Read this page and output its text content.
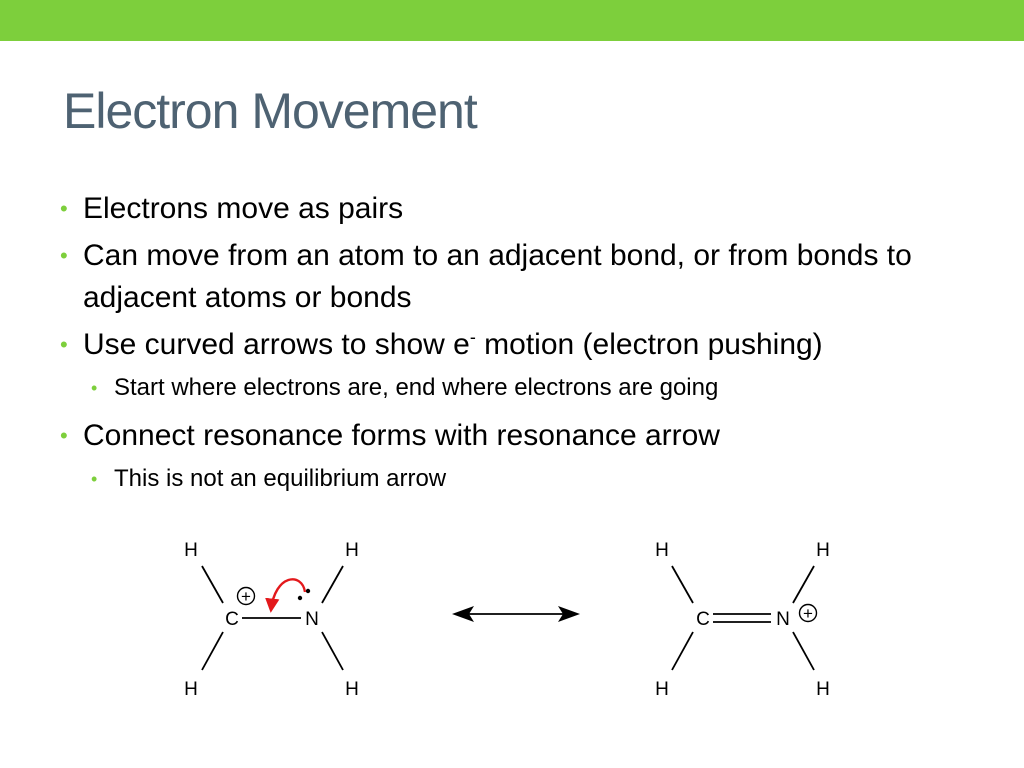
Electron Movement
• Electrons move as pairs
• Can move from an atom to an adjacent bond, or from bonds to adjacent atoms or bonds
• Use curved arrows to show e- motion (electron pushing)
• Start where electrons are, end where electrons are going
• Connect resonance forms with resonance arrow
• This is not an equilibrium arrow
H	H
H	H
C	N
+
H	H
H	H
C	N +
